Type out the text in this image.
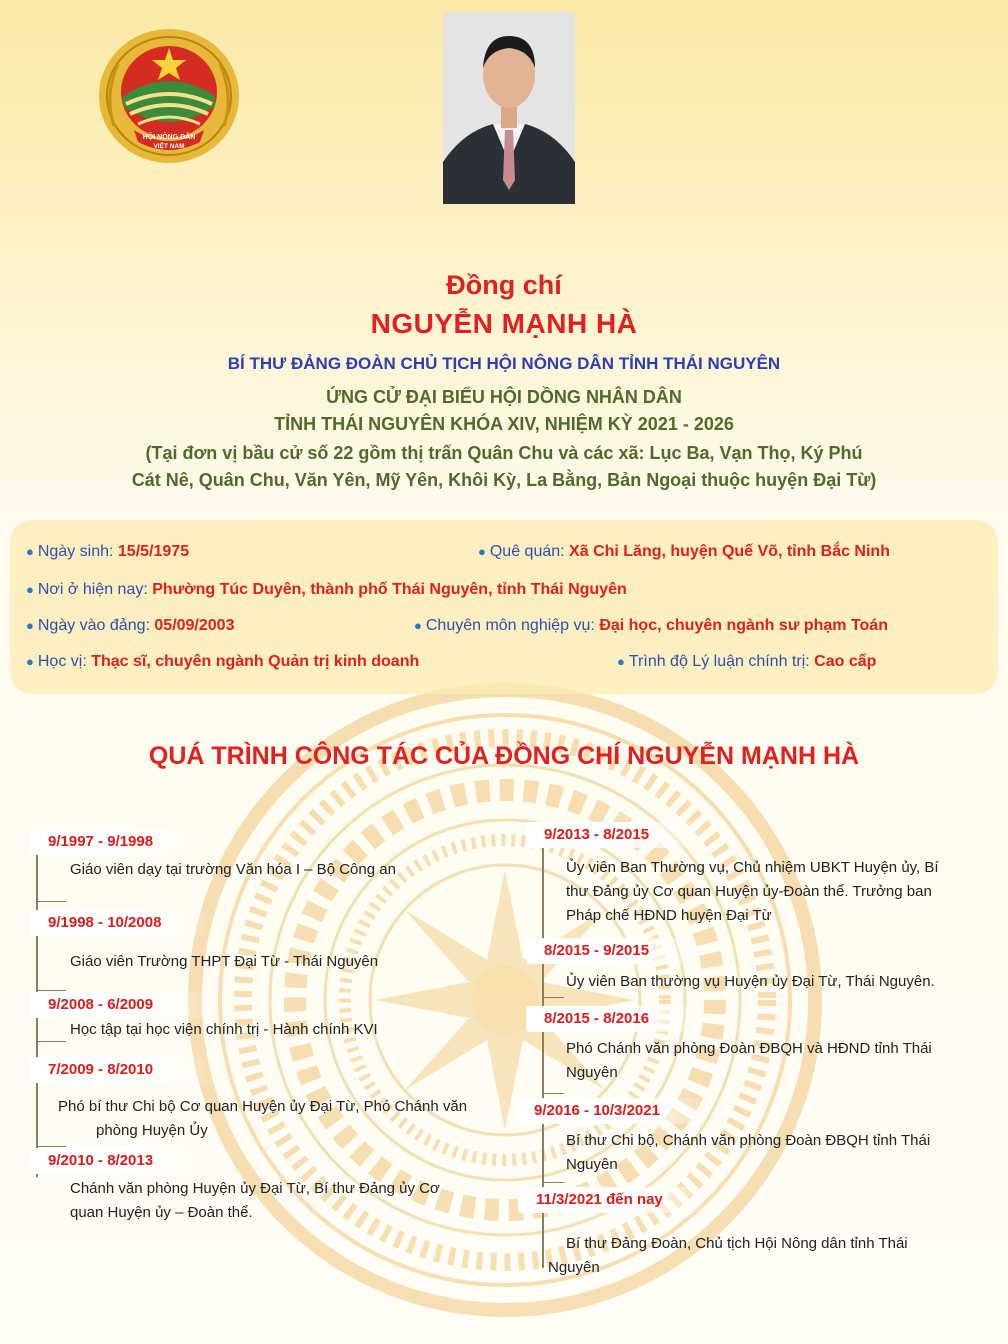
HỘI NÔNG DÂN
VIỆT NAM
Đồng chí
NGUYỄN MẠNH HÀ
BÍ THƯ ĐẢNG ĐOÀN CHỦ TỊCH HỘI NÔNG DÂN TỈNH THÁI NGUYÊN
ỨNG CỬ ĐẠI BIỂU HỘI DỒNG NHÂN DÂN
TỈNH THÁI NGUYÊN KHÓA XIV, NHIỆM KỲ 2021 - 2026
(Tại đơn vị bầu cử số 22 gồm thị trấn Quân Chu và các xã: Lục Ba, Vạn Thọ, Ký Phú
Cát Nê, Quân Chu, Văn Yên, Mỹ Yên, Khôi Kỳ, La Bằng, Bản Ngoại thuộc huyện Đại Từ)
● Ngày sinh: 15/5/1975	● Quê quán: Xã Chi Lăng, huyện Quế Võ, tỉnh Bắc Ninh
● Nơi ở hiện nay: Phường Túc Duyên, thành phố Thái Nguyên, tỉnh Thái Nguyên
● Ngày vào đảng: 05/09/2003	● Chuyên môn nghiệp vụ: Đại học, chuyên ngành sư phạm Toán
● Học vị: Thạc sĩ, chuyên ngành Quản trị kinh doanh	● Trình độ Lý luận chính trị: Cao cấp
QUÁ TRÌNH CÔNG TÁC CỦA ĐỒNG CHÍ NGUYỄN MẠNH HÀ
9/1997 - 9/1998
Giáo viên dạy tại trường Văn hóa I – Bộ Công an
9/1998 - 10/2008
Giáo viên Trường THPT Đại Từ - Thái Nguyên
9/2008 - 6/2009
Học tập tại học viện chính trị - Hành chính KVI
7/2009 - 8/2010
Phó bí thư Chi bộ Cơ quan Huyện ủy Đại Từ, Phó Chánh văn
phòng Huyện Ủy
9/2010 - 8/2013
Chánh văn phòng Huyện ủy Đại Từ, Bí thư Đảng ủy Cơ
quan Huyện ủy – Đoàn thể.
9/2013 - 8/2015
Ủy viên Ban Thường vụ, Chủ nhiệm UBKT Huyện ủy, Bí
thư Đảng ủy Cơ quan Huyện ủy-Đoàn thể. Trưởng ban
Pháp chế HĐND huyện Đại Từ
8/2015 - 9/2015
Ủy viên Ban thường vụ Huyện ủy Đại Từ, Thái Nguyên.
8/2015 - 8/2016
Phó Chánh văn phòng Đoàn ĐBQH và HĐND tỉnh Thái
Nguyên
9/2016 - 10/3/2021
Bí thư Chi bộ, Chánh văn phòng Đoàn ĐBQH tỉnh Thái
Nguyên
11/3/2021 đến nay
Bí thư Đảng Đoàn, Chủ tịch Hội Nông dân tỉnh Thái
Nguyên
